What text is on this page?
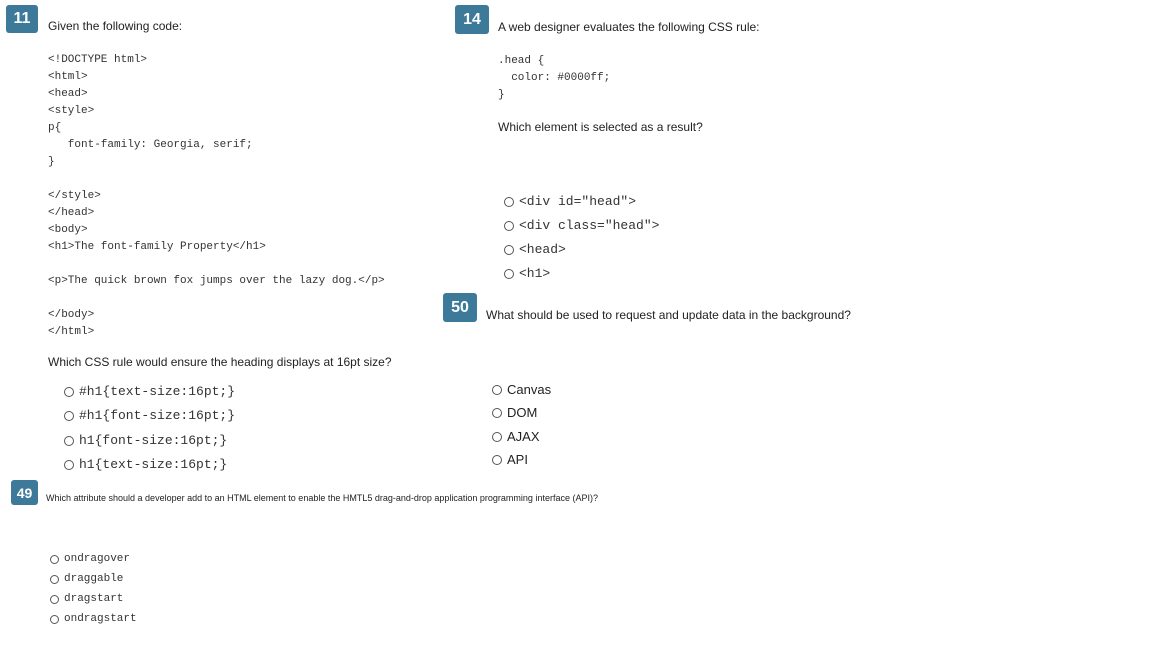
11	Given the following code:
<!DOCTYPE html>
<html>
<head>
<style>
p{
font-family: Georgia, serif;
}

</style>
</head>
<body>
<h1>The font-family Property</h1>

<p>The quick brown fox jumps over the lazy dog.</p>

</body>
</html>
Which CSS rule would ensure the heading displays at 16pt size?
#h1{text-size:16pt;}
#h1{font-size:16pt;}
h1{font-size:16pt;}
h1{text-size:16pt;}
14	A web designer evaluates the following CSS rule:
.head {
color: #0000ff;
}
Which element is selected as a result?
<div id="head">
<div class="head">
<head>
<h1>
50	What should be used to request and update data in the background?
Canvas
DOM
AJAX
API
49	Which attribute should a developer add to an HTML element to enable the HMTL5 drag-and-drop application programming interface (API)?
ondragover
draggable
dragstart
ondragstart
